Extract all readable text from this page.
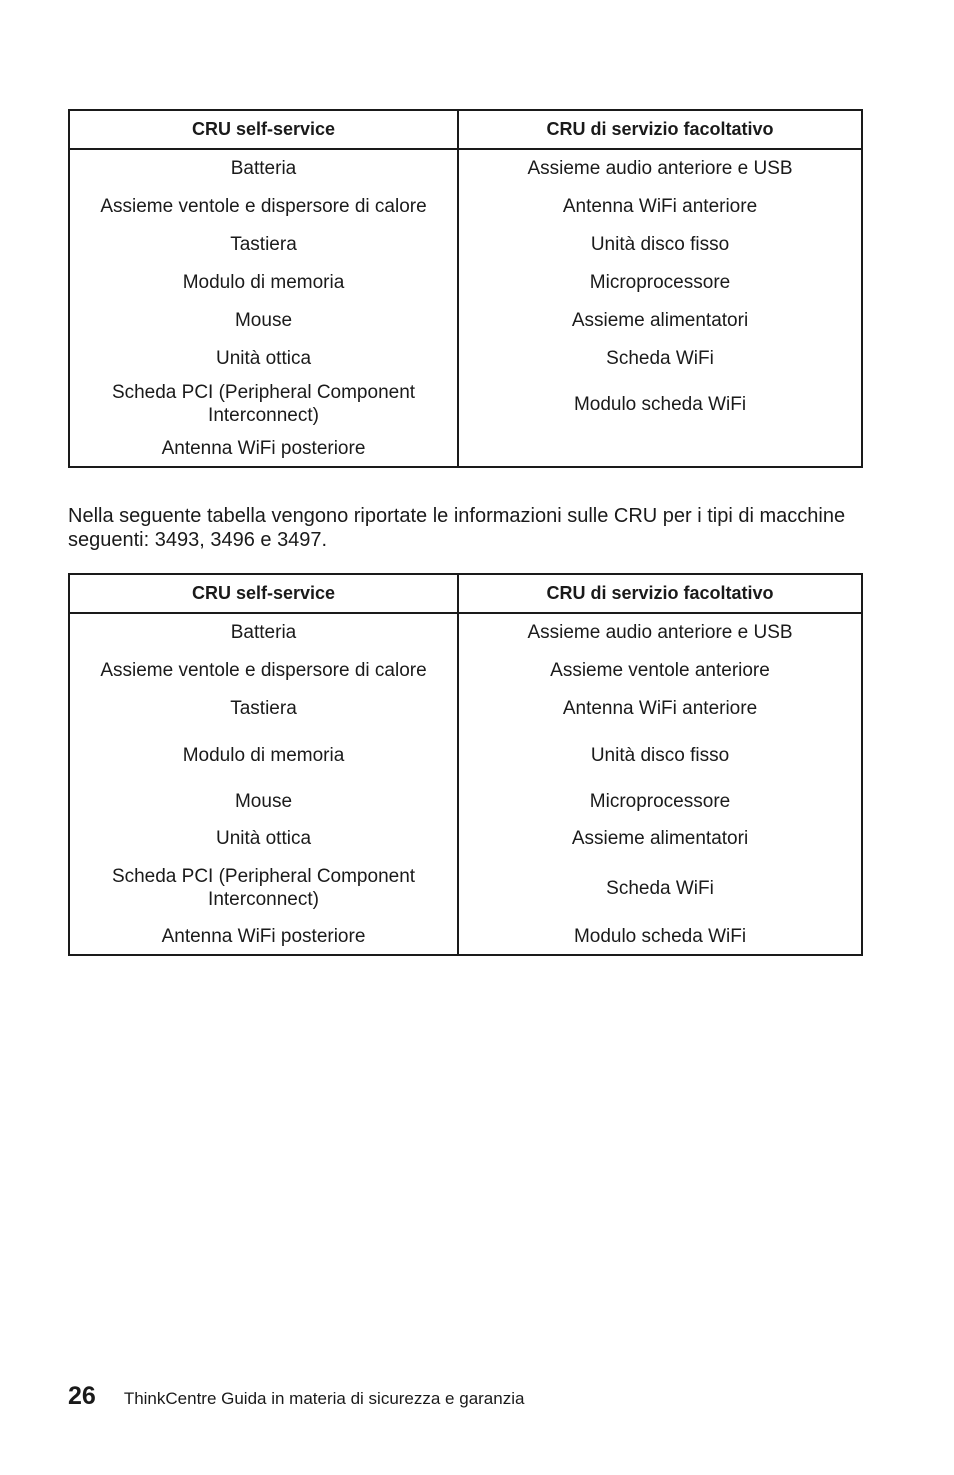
CRU self-service	CRU di servizio facoltativo
Batteria	Assieme audio anteriore e USB
Assieme ventole e dispersore di calore	Antenna WiFi anteriore
Tastiera	Unità disco fisso
Modulo di memoria	Microprocessore
Mouse	Assieme alimentatori
Unità ottica	Scheda WiFi
Scheda PCI (Peripheral Component Interconnect)	Modulo scheda WiFi
Antenna WiFi posteriore	

Nella seguente tabella vengono riportate le informazioni sulle CRU per i tipi di macchine seguenti: 3493, 3496 e 3497.

CRU self-service	CRU di servizio facoltativo
Batteria	Assieme audio anteriore e USB
Assieme ventole e dispersore di calore	Assieme ventole anteriore
Tastiera	Antenna WiFi anteriore
Modulo di memoria	Unità disco fisso
Mouse	Microprocessore
Unità ottica	Assieme alimentatori
Scheda PCI (Peripheral Component Interconnect)	Scheda WiFi
Antenna WiFi posteriore	Modulo scheda WiFi
26 ThinkCentre Guida in materia di sicurezza e garanzia
